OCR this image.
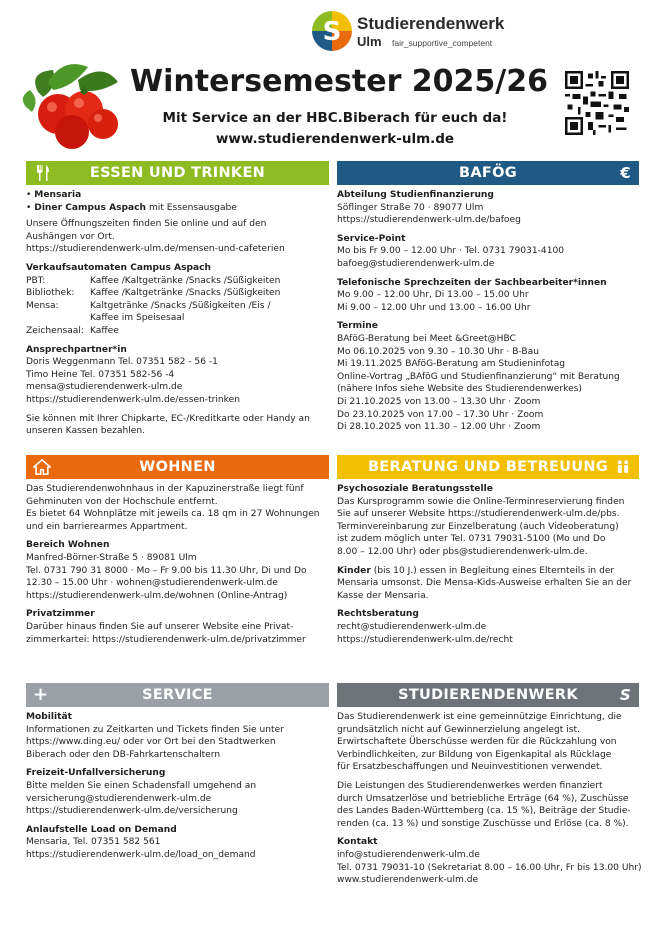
S Studierendenwerk
Ulm fair_supportive_competent
Wintersemester 2025/26
Mit Service an der HBC.Biberach für euch da!
www.studierendenwerk-ulm.de
ESSEN UND TRINKEN
• Mensaria
• Diner Campus Aspach mit Essensausgabe
Unsere Öffnungszeiten finden Sie online und auf den
Aushängen vor Ort.
https://studierendenwerk-ulm.de/mensen-und-cafeterien
Verkaufsautomaten Campus Aspach
PBT:	Kaffee /Kaltgetränke /Snacks /Süßigkeiten
Bibliothek:	Kaffee /Kaltgetränke /Snacks /Süßigkeiten
Mensa:	Kaltgetränke /Snacks /Süßigkeiten /Eis /
Kaffee im Speisesaal
Zeichensaal: Kaffee
Ansprechpartner*in
Doris Weggenmann Tel. 07351 582 - 56 -1
Timo Heine Tel. 07351 582-56 -4
mensa@studierendenwerk-ulm.de
https://studierendenwerk-ulm.de/essen-trinken
Sie können mit Ihrer Chipkarte, EC-/Kreditkarte oder Handy an
unseren Kassen bezahlen.
BAFÖG	€
Abteilung Studienfinanzierung
Söflinger Straße 70 · 89077 Ulm
https://studierendenwerk-ulm.de/bafoeg
Service-Point
Mo bis Fr 9.00 – 12.00 Uhr · Tel. 0731 79031-4100
bafoeg@studierendenwerk-ulm.de
Telefonische Sprechzeiten der Sachbearbeiter*innen
Mo 9.00 – 12.00 Uhr, Di 13.00 – 15.00 Uhr
Mi 9.00 – 12.00 Uhr und 13.00 – 16.00 Uhr
Termine
BAföG-Beratung bei Meet &Greet@HBC
Mo 06.10.2025 von 9.30 – 10.30 Uhr · B-Bau
Mi 19.11.2025 BAföG-Beratung am Studieninfotag
Online-Vortrag „BAföG und Studienfinanzierung“ mit Beratung
(nähere Infos siehe Website des Studierendenwerkes)
Di 21.10.2025 von 13.00 – 13.30 Uhr · Zoom
Do 23.10.2025 von 17.00 – 17.30 Uhr · Zoom
Di 28.10.2025 von 11.30 – 12.00 Uhr · Zoom
WOHNEN
Das Studierendenwohnhaus in der Kapuzinerstraße liegt fünf
Gehminuten von der Hochschule entfernt.
Es bietet 64 Wohnplätze mit jeweils ca. 18 qm in 27 Wohnungen
und ein barrierearmes Appartment.
Bereich Wohnen
Manfred-Börner-Straße 5 · 89081 Ulm
Tel. 0731 790 31 8000 · Mo – Fr 9.00 bis 11.30 Uhr, Di und Do
12.30 – 15.00 Uhr · wohnen@studierendenwerk-ulm.de
https://studierendenwerk-ulm.de/wohnen (Online-Antrag)
Privatzimmer
Darüber hinaus finden Sie auf unserer Website eine Privat-
zimmerkartei: https://studierendenwerk-ulm.de/privatzimmer
BERATUNG UND BETREUUNG
Psychosoziale Beratungsstelle
Das Kursprogramm sowie die Online-Terminreservierung finden
Sie auf unserer Website https://studierendenwerk-ulm.de/pbs.
Terminvereinbarung zur Einzelberatung (auch Videoberatung)
ist zudem möglich unter Tel. 0731 79031-5100 (Mo und Do
8.00 – 12.00 Uhr) oder pbs@studierendenwerk-ulm.de.
Kinder (bis 10 J.) essen in Begleitung eines Elternteils in der
Mensaria umsonst. Die Mensa-Kids-Ausweise erhalten Sie an der
Kasse der Mensaria.
Rechtsberatung
recht@studierendenwerk-ulm.de
https://studierendenwerk-ulm.de/recht
+	SERVICE
Mobilität
Informationen zu Zeitkarten und Tickets finden Sie unter
https://www.ding.eu/ oder vor Ort bei den Stadtwerken
Biberach oder den DB-Fahrkartenschaltern
Freizeit-Unfallversicherung
Bitte melden Sie einen Schadensfall umgehend an
versicherung@studierendenwerk-ulm.de
https://studierendenwerk-ulm.de/versicherung
Anlaufstelle Load on Demand
Mensaria, Tel. 07351 582 561
https://studierendenwerk-ulm.de/load_on_demand
STUDIERENDENWERK	S
Das Studierendenwerk ist eine gemeinnützige Einrichtung, die
grundsätzlich nicht auf Gewinnerzielung angelegt ist.
Erwirtschaftete Überschüsse werden für die Rückzahlung von
Verbindlichkeiten, zur Bildung von Eigenkapital als Rücklage
für Ersatzbeschaffungen und Neuinvestitionen verwendet.
Die Leistungen des Studierendenwerkes werden finanziert
durch Umsatzerlöse und betriebliche Erträge (64 %), Zuschüsse
des Landes Baden-Württemberg (ca. 15 %), Beiträge der Studie-
renden (ca. 13 %) und sonstige Zuschüsse und Erlöse (ca. 8 %).
Kontakt
info@studierendenwerk-ulm.de
Tel. 0731 79031-10 (Sekretariat 8.00 – 16.00 Uhr, Fr bis 13.00 Uhr)
www.studierendenwerk-ulm.de
